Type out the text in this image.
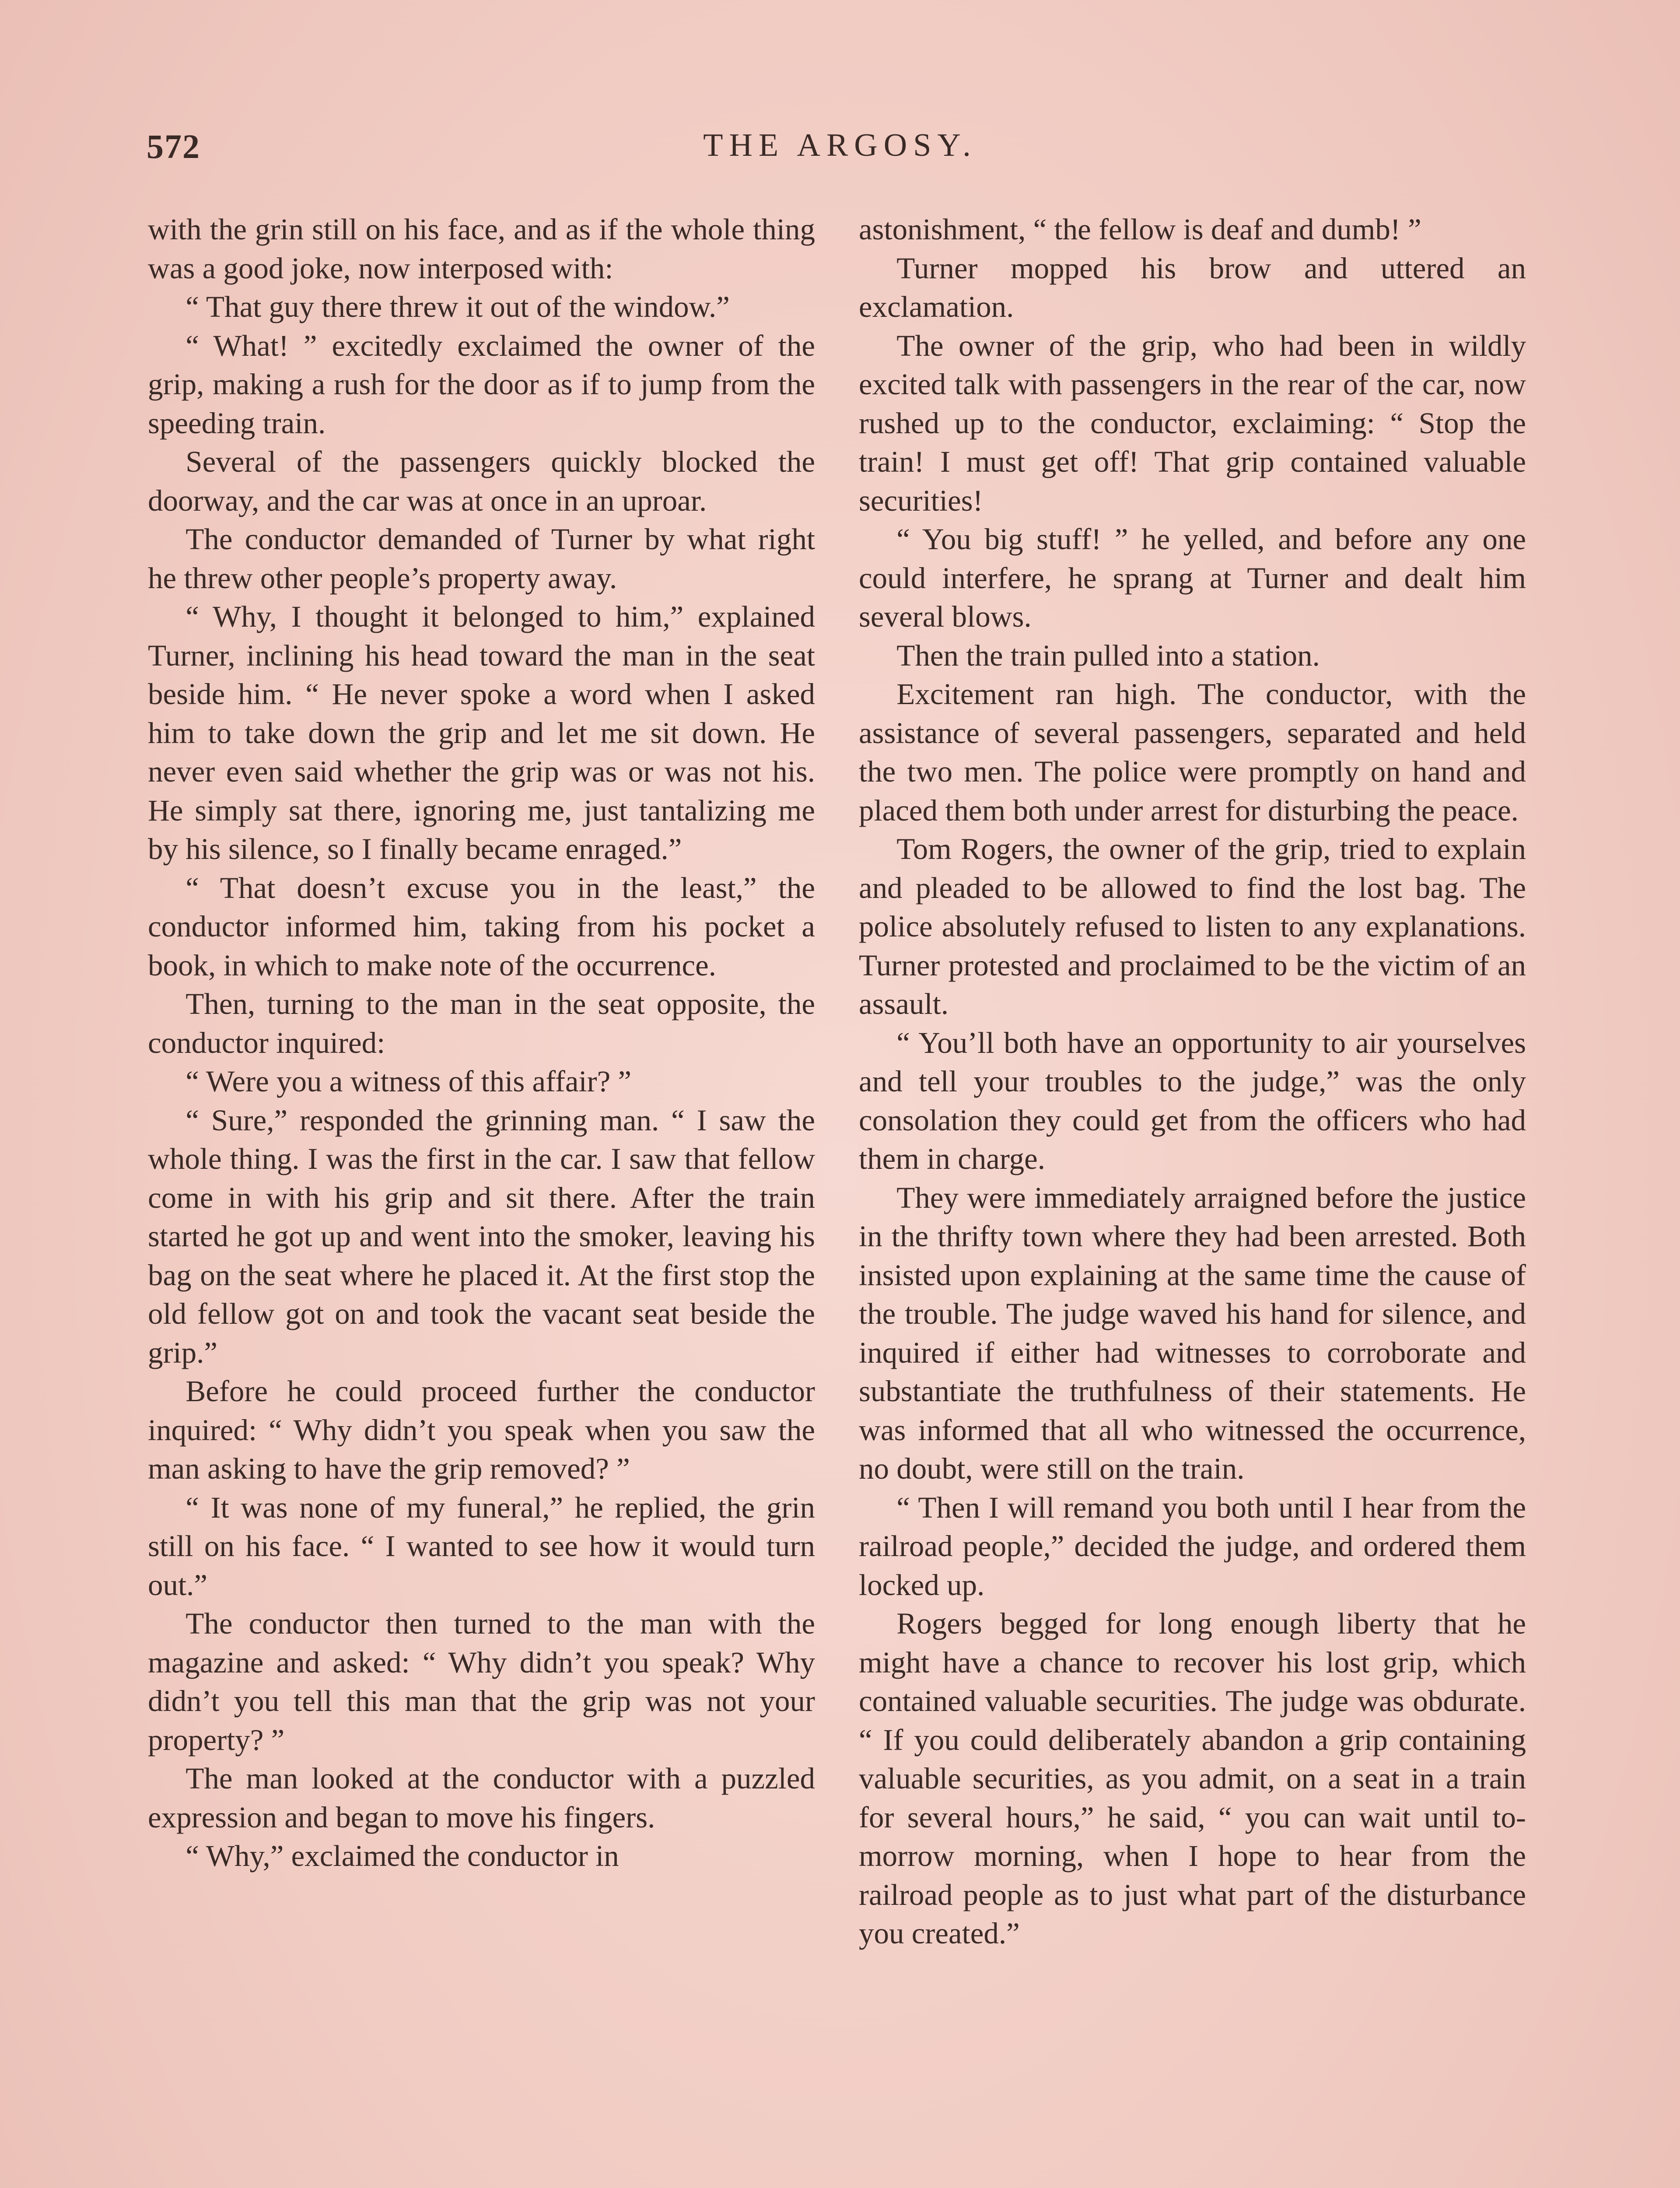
572	THE ARGOSY.

with the grin still on his face, and as if the whole thing was a good joke, now interposed with:

“ That guy there threw it out of the window.”

“ What! ” excitedly exclaimed the owner of the grip, making a rush for the door as if to jump from the speeding train.

Several of the passengers quickly blocked the doorway, and the car was at once in an uproar.

The conductor demanded of Turner by what right he threw other people’s property away.

“ Why, I thought it belonged to him,” explained Turner, inclining his head toward the man in the seat beside him. “ He never spoke a word when I asked him to take down the grip and let me sit down. He never even said whether the grip was or was not his. He simply sat there, ignoring me, just tantalizing me by his silence, so I finally became enraged.”

“ That doesn’t excuse you in the least,” the conductor informed him, taking from his pocket a book, in which to make note of the occurrence.

Then, turning to the man in the seat opposite, the conductor inquired:

“ Were you a witness of this affair? ”

“ Sure,” responded the grinning man. “ I saw the whole thing. I was the first in the car. I saw that fellow come in with his grip and sit there. After the train started he got up and went into the smoker, leaving his bag on the seat where he placed it. At the first stop the old fellow got on and took the vacant seat beside the grip.”

Before he could proceed further the conductor inquired: “ Why didn’t you speak when you saw the man asking to have the grip removed? ”

“ It was none of my funeral,” he replied, the grin still on his face. “ I wanted to see how it would turn out.”

The conductor then turned to the man with the magazine and asked: “ Why didn’t you speak? Why didn’t you tell this man that the grip was not your property? ”

The man looked at the conductor with a puzzled expression and began to move his fingers.

“ Why,” exclaimed the conductor in

astonishment, “ the fellow is deaf and dumb! ”

Turner mopped his brow and uttered an exclamation.

The owner of the grip, who had been in wildly excited talk with passengers in the rear of the car, now rushed up to the conductor, exclaiming: “ Stop the train! I must get off! That grip contained valuable securities!

“ You big stuff! ” he yelled, and before any one could interfere, he sprang at Turner and dealt him several blows.

Then the train pulled into a station.

Excitement ran high. The conductor, with the assistance of several passengers, separated and held the two men. The police were promptly on hand and placed them both under arrest for disturbing the peace.

Tom Rogers, the owner of the grip, tried to explain and pleaded to be allowed to find the lost bag. The police absolutely refused to listen to any explanations. Turner protested and proclaimed to be the victim of an assault.

“ You’ll both have an opportunity to air yourselves and tell your troubles to the judge,” was the only consolation they could get from the officers who had them in charge.

They were immediately arraigned before the justice in the thrifty town where they had been arrested. Both insisted upon explaining at the same time the cause of the trouble. The judge waved his hand for silence, and inquired if either had witnesses to corroborate and substantiate the truthfulness of their statements. He was informed that all who witnessed the occurrence, no doubt, were still on the train.

“ Then I will remand you both until I hear from the railroad people,” decided the judge, and ordered them locked up.

Rogers begged for long enough liberty that he might have a chance to recover his lost grip, which contained valuable securities. The judge was obdurate. “ If you could deliberately abandon a grip containing valuable securities, as you admit, on a seat in a train for several hours,” he said, “ you can wait until to-morrow morning, when I hope to hear from the railroad people as to just what part of the disturbance you created.”
